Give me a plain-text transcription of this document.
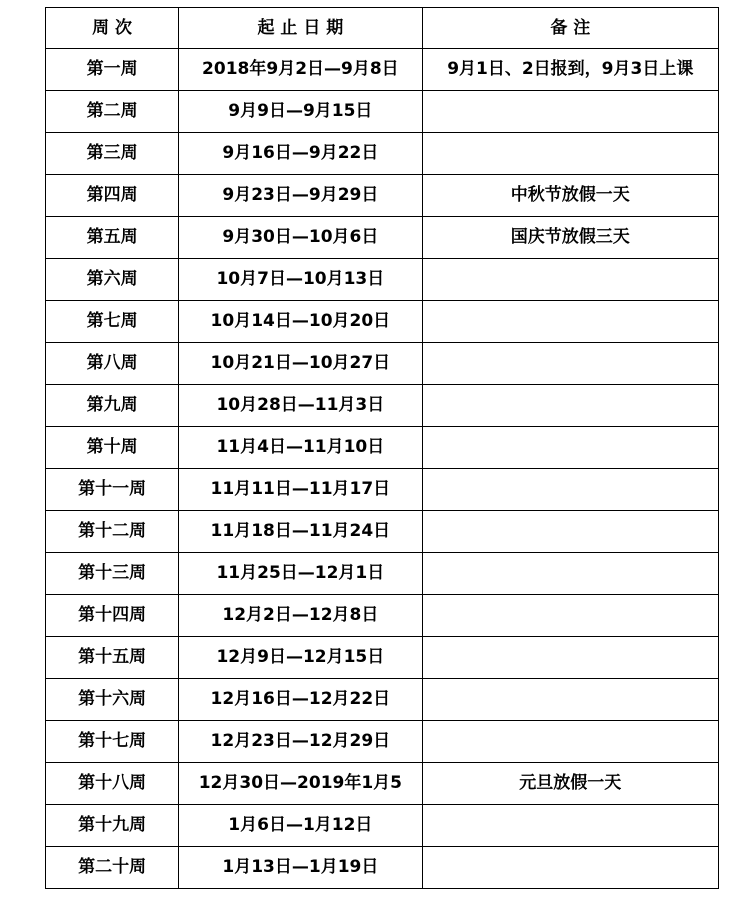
周 次	起 止 日 期	备 注
第一周	2018年9月2日—9月8日	9月1日、2日报到，9月3日上课
第二周	9月9日—9月15日	
第三周	9月16日—9月22日	
第四周	9月23日—9月29日	中秋节放假一天
第五周	9月30日—10月6日	国庆节放假三天
第六周	10月7日—10月13日	
第七周	10月14日—10月20日	
第八周	10月21日—10月27日	
第九周	10月28日—11月3日	
第十周	11月4日—11月10日	
第十一周	11月11日—11月17日	
第十二周	11月18日—11月24日	
第十三周	11月25日—12月1日	
第十四周	12月2日—12月8日	
第十五周	12月9日—12月15日	
第十六周	12月16日—12月22日	
第十七周	12月23日—12月29日	
第十八周	12月30日—2019年1月5	元旦放假一天
第十九周	1月6日—1月12日	
第二十周	1月13日—1月19日	
